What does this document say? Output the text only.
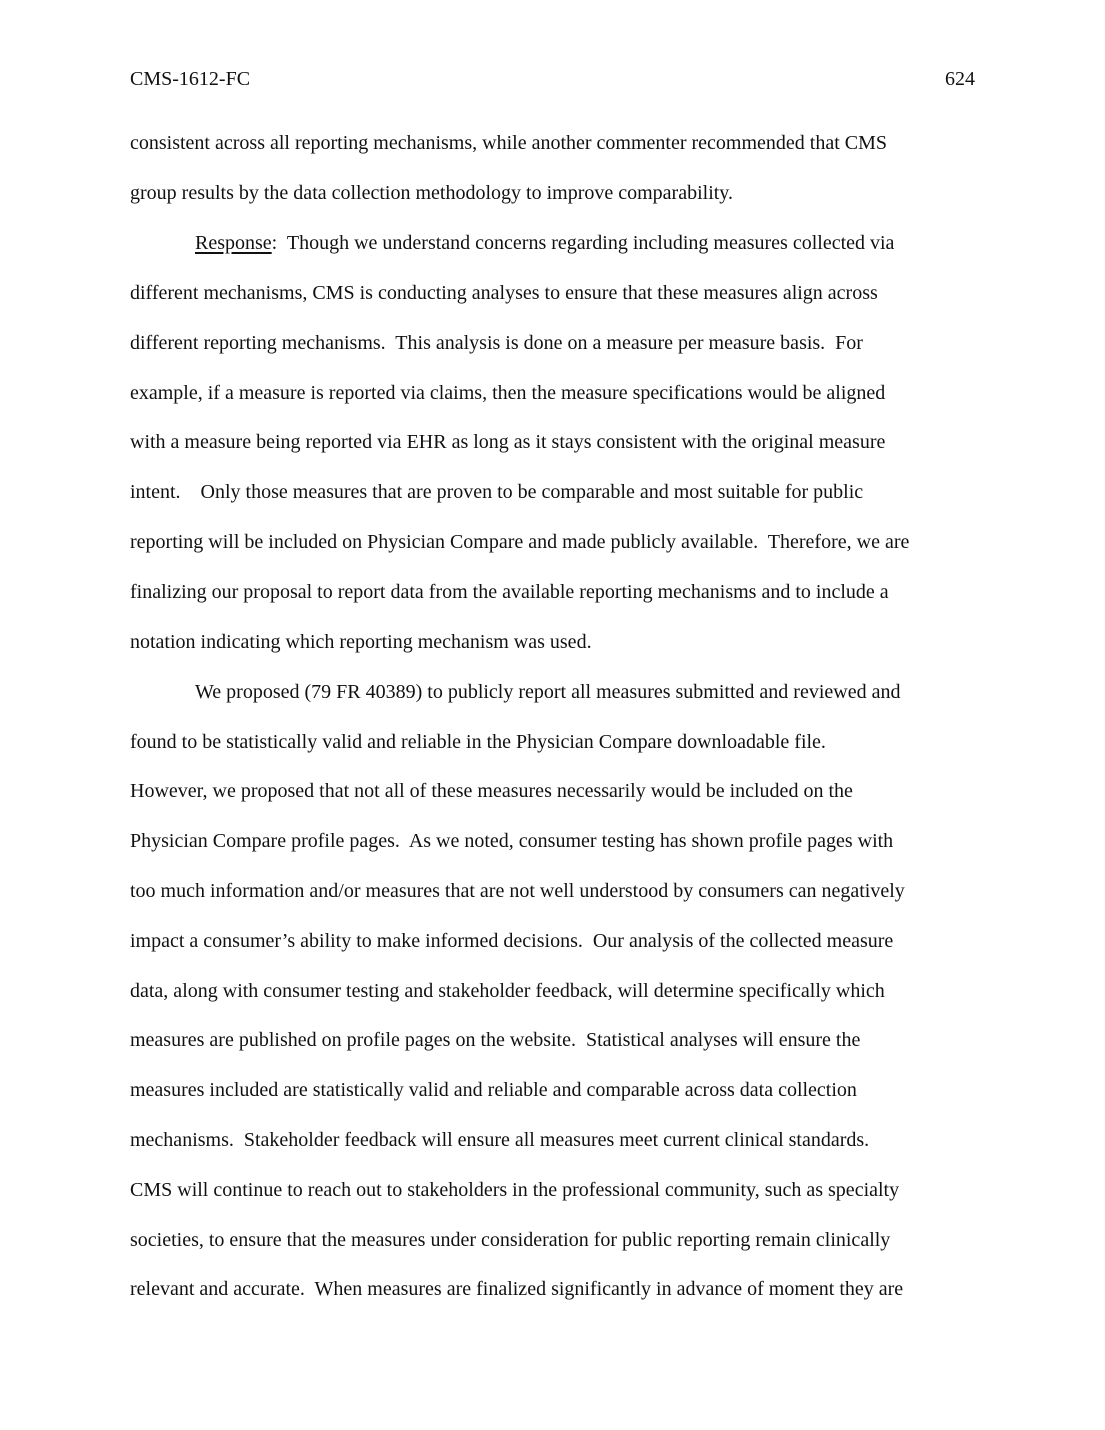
CMS-1612-FC	624
consistent across all reporting mechanisms, while another commenter recommended that CMS
group results by the data collection methodology to improve comparability.
Response:  Though we understand concerns regarding including measures collected via
different mechanisms, CMS is conducting analyses to ensure that these measures align across
different reporting mechanisms.  This analysis is done on a measure per measure basis.  For
example, if a measure is reported via claims, then the measure specifications would be aligned
with a measure being reported via EHR as long as it stays consistent with the original measure
intent.    Only those measures that are proven to be comparable and most suitable for public
reporting will be included on Physician Compare and made publicly available.  Therefore, we are
finalizing our proposal to report data from the available reporting mechanisms and to include a
notation indicating which reporting mechanism was used.
We proposed (79 FR 40389) to publicly report all measures submitted and reviewed and
found to be statistically valid and reliable in the Physician Compare downloadable file.
However, we proposed that not all of these measures necessarily would be included on the
Physician Compare profile pages.  As we noted, consumer testing has shown profile pages with
too much information and/or measures that are not well understood by consumers can negatively
impact a consumer’s ability to make informed decisions.  Our analysis of the collected measure
data, along with consumer testing and stakeholder feedback, will determine specifically which
measures are published on profile pages on the website.  Statistical analyses will ensure the
measures included are statistically valid and reliable and comparable across data collection
mechanisms.  Stakeholder feedback will ensure all measures meet current clinical standards.
CMS will continue to reach out to stakeholders in the professional community, such as specialty
societies, to ensure that the measures under consideration for public reporting remain clinically
relevant and accurate.  When measures are finalized significantly in advance of moment they are
